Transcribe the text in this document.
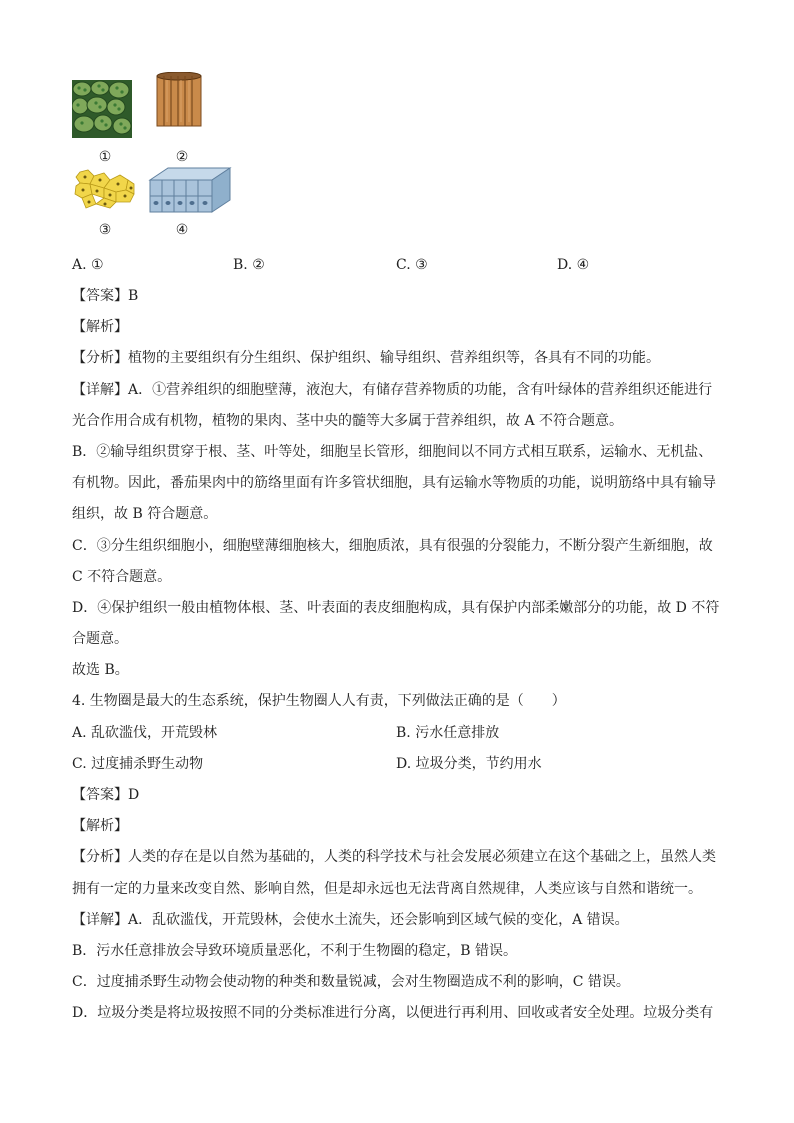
①	②
③	④
A. ①	B. ②	C. ③	D. ④
【答案】B
【解析】
【分析】植物的主要组织有分生组织、保护组织、输导组织、营养组织等，各具有不同的功能。
【详解】A．①营养组织的细胞壁薄，液泡大，有储存营养物质的功能，含有叶绿体的营养组织还能进行
光合作用合成有机物，植物的果肉、茎中央的髓等大多属于营养组织，故 A 不符合题意。
B．②输导组织贯穿于根、茎、叶等处，细胞呈长管形，细胞间以不同方式相互联系，运输水、无机盐、
有机物。因此，番茄果肉中的筋络里面有许多管状细胞，具有运输水等物质的功能，说明筋络中具有输导
组织，故 B 符合题意。
C．③分生组织细胞小，细胞壁薄细胞核大，细胞质浓，具有很强的分裂能力，不断分裂产生新细胞，故
C 不符合题意。
D．④保护组织一般由植物体根、茎、叶表面的表皮细胞构成，具有保护内部柔嫩部分的功能，故 D 不符
合题意。
故选 B。
4. 生物圈是最大的生态系统，保护生物圈人人有责，下列做法正确的是（　　）
A. 乱砍滥伐，开荒毁林	B. 污水任意排放
C. 过度捕杀野生动物	D. 垃圾分类，节约用水
【答案】D
【解析】
【分析】人类的存在是以自然为基础的，人类的科学技术与社会发展必须建立在这个基础之上，虽然人类
拥有一定的力量来改变自然、影响自然，但是却永远也无法背离自然规律，人类应该与自然和谐统一。
【详解】A．乱砍滥伐，开荒毁林，会使水土流失，还会影响到区域气候的变化，A 错误。
B．污水任意排放会导致环境质量恶化，不利于生物圈的稳定，B 错误。
C．过度捕杀野生动物会使动物的种类和数量锐减，会对生物圈造成不利的影响，C 错误。
D．垃圾分类是将垃圾按照不同的分类标准进行分离，以便进行再利用、回收或者安全处理。垃圾分类有
